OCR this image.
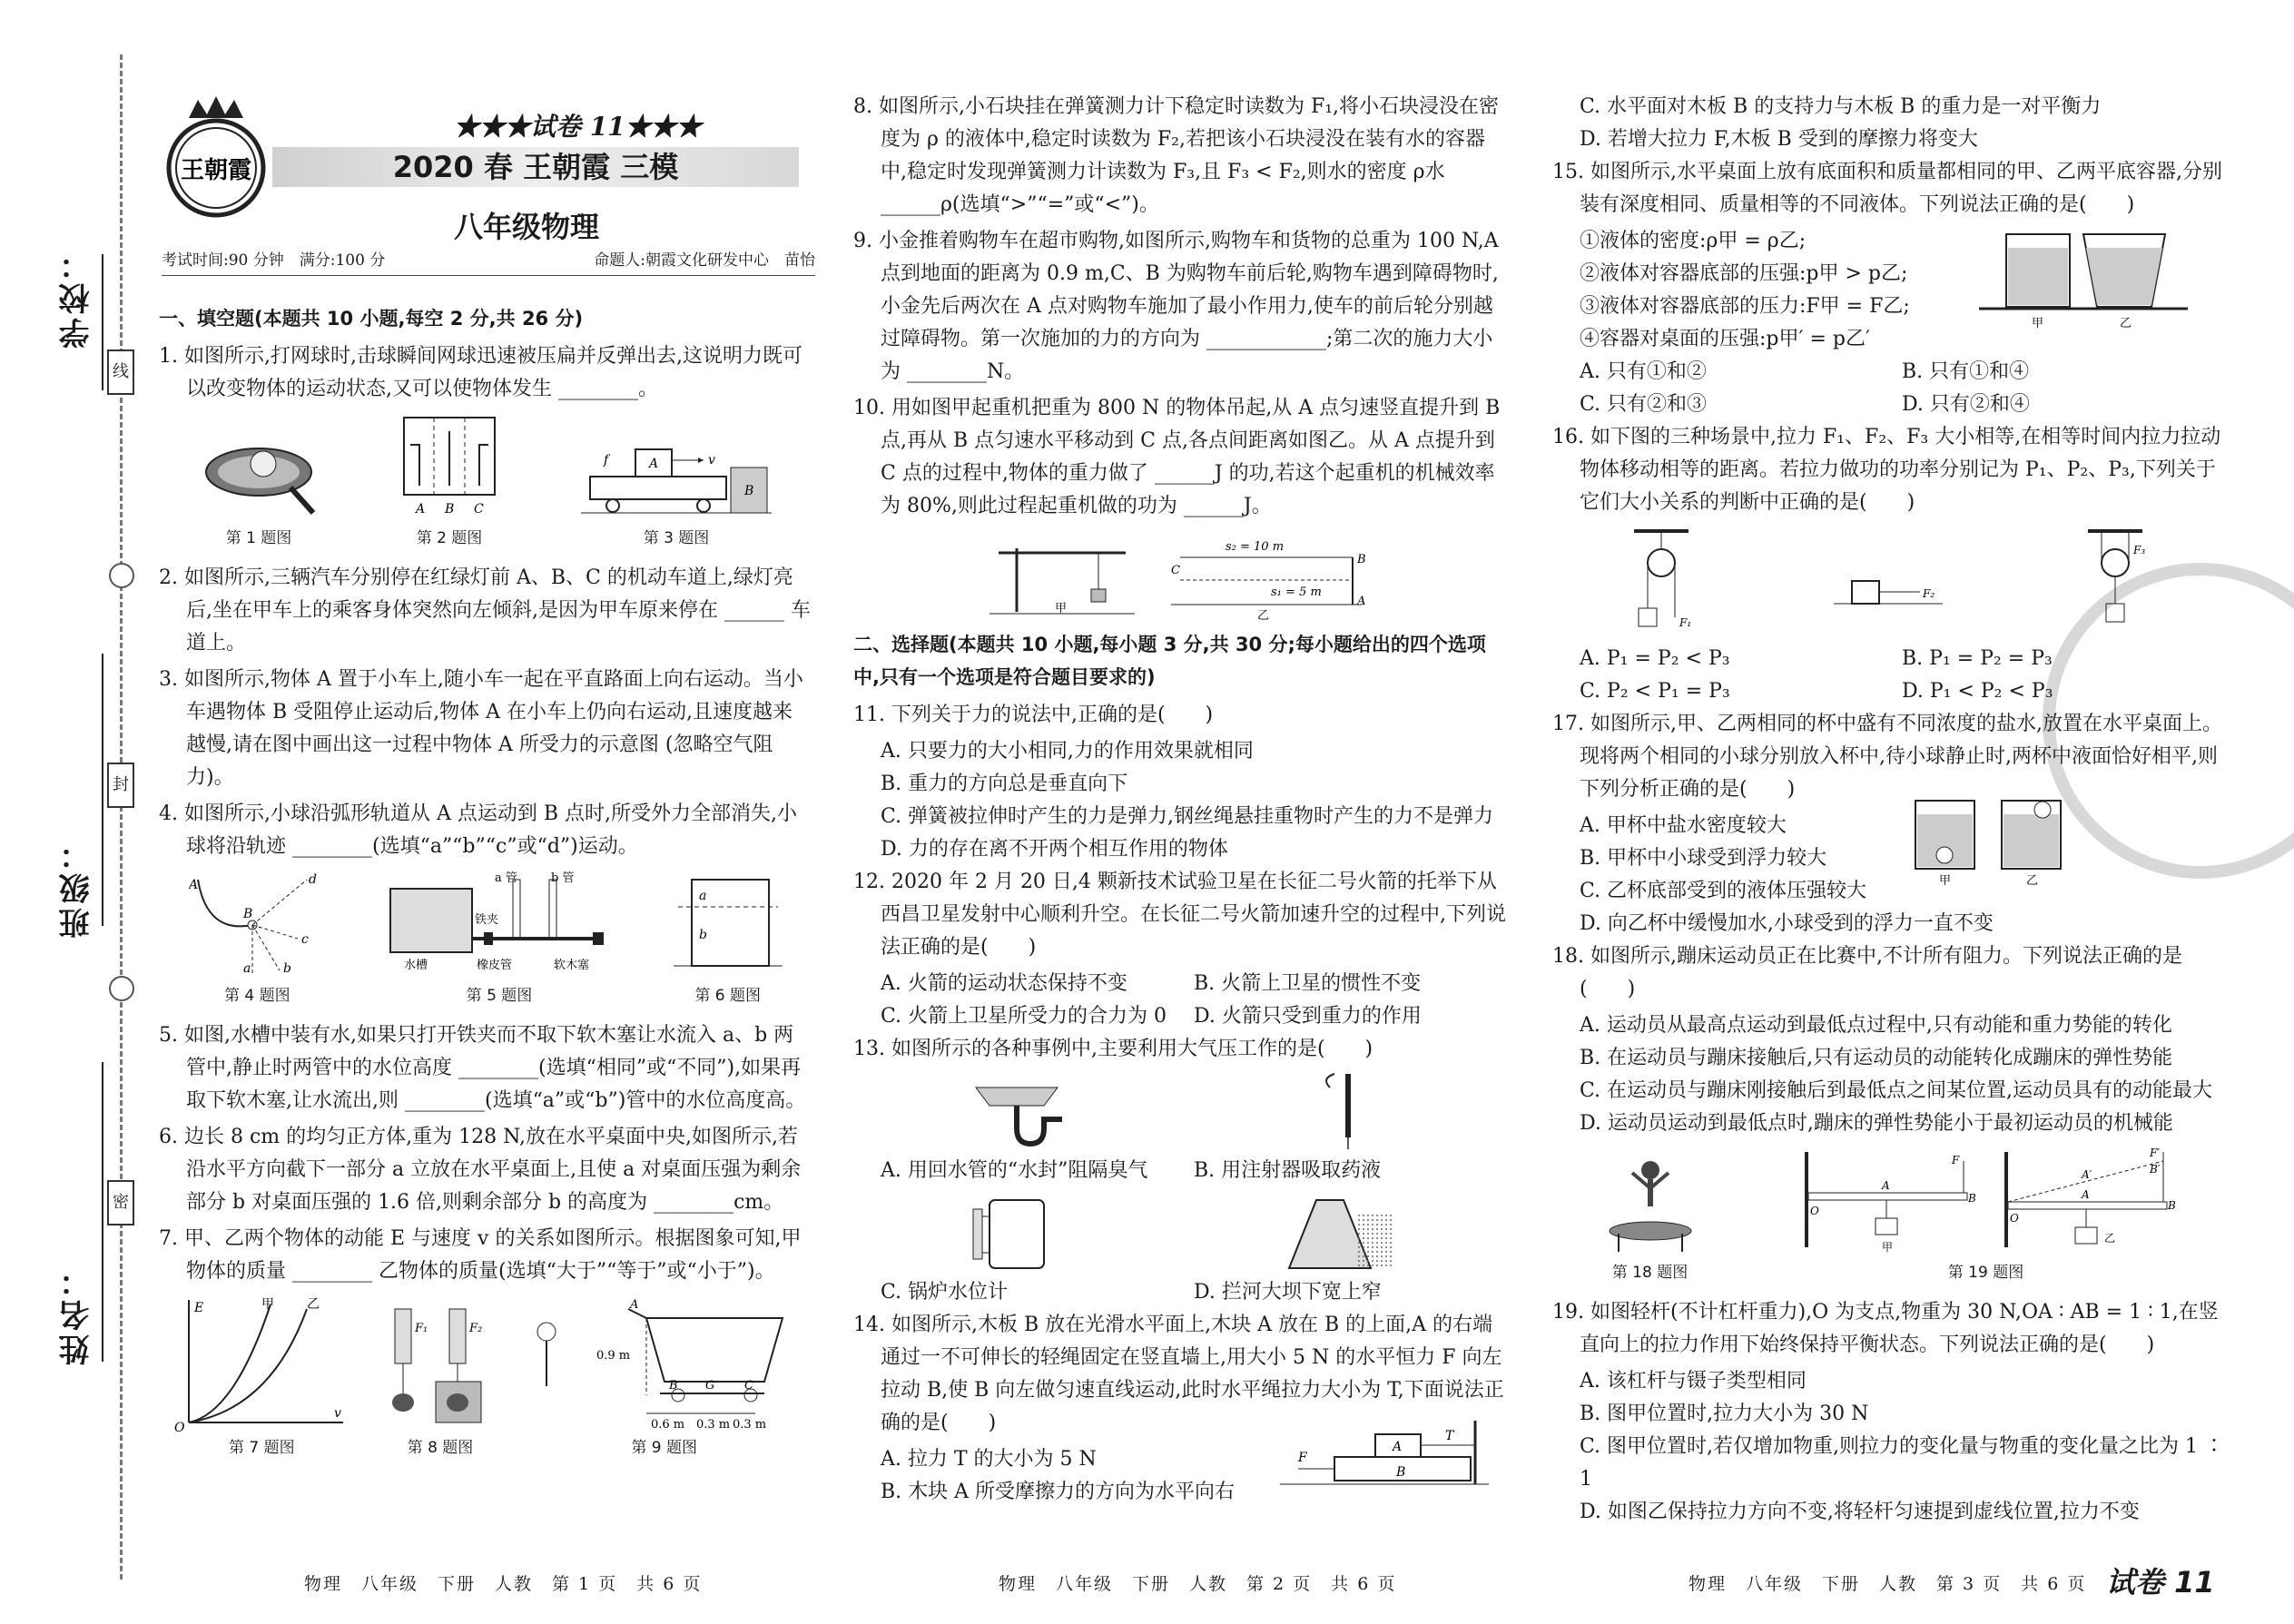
学校：
班级：
姓名：
线
封
密
王朝霞
★★★试卷 11★★★
2020 春 王朝霞 三模
八年级物理
考试时间:90 分钟　满分:100 分	命题人:朝霞文化研发中心　苗怡
一、填空题(本题共 10 小题,每空 2 分,共 26 分)

1. 如图所示,打网球时,击球瞬间网球迅速被压扁并反弹出去,这说明力既可以改变物体的运动状态,又可以使物体发生 ________。

第 1 题图
A B C
第 2 题图
f	A	v
B
第 3 题图

2. 如图所示,三辆汽车分别停在红绿灯前 A、B、C 的机动车道上,绿灯亮后,坐在甲车上的乘客身体突然向左倾斜,是因为甲车原来停在 ______ 车道上。

3. 如图所示,物体 A 置于小车上,随小车一起在平直路面上向右运动。当小车遇物体 B 受阻停止运动后,物体 A 在小车上仍向右运动,且速度越来越慢,请在图中画出这一过程中物体 A 所受力的示意图 (忽略空气阻力)。

4. 如图所示,小球沿弧形轨道从 A 点运动到 B 点时,所受外力全部消失,小球将沿轨迹 ________(选填“a”“b”“c”或“d”)运动。

A
B
a	b
c
d
第 4 题图
a 管	b 管
铁夹
水槽	橡皮管	软木塞
第 5 题图
a
b
第 6 题图

5. 如图,水槽中装有水,如果只打开铁夹而不取下软木塞让水流入 a、b 两管中,静止时两管中的水位高度 ________(选填“相同”或“不同”),如果再取下软木塞,让水流出,则 ________(选填“a”或“b”)管中的水位高度高。

6. 边长 8 cm 的均匀正方体,重为 128 N,放在水平桌面中央,如图所示,若沿水平方向截下一部分 a 立放在水平桌面上,且使 a 对桌面压强为剩余部分 b 对桌面压强的 1.6 倍,则剩余部分 b 的高度为 ________cm。

7. 甲、乙两个物体的动能 E 与速度 v 的关系如图所示。根据图象可知,甲物体的质量 ________ 乙物体的质量(选填“大于”“等于”或“小于”)。

E	甲	乙
O
v
第 7 题图
F₁	F₂
第 8 题图
A
0.9 m
B	C
G
0.6 m 0.3 m 0.3 m
第 9 题图
物理　八年级　下册　人教　第 1 页　共 6 页

8. 如图所示,小石块挂在弹簧测力计下稳定时读数为 F₁,将小石块浸没在密度为 ρ 的液体中,稳定时读数为 F₂,若把该小石块浸没在装有水的容器中,稳定时发现弹簧测力计读数为 F₃,且 F₃ < F₂,则水的密度 ρ水 ______ρ(选填“>”“=”或“<”)。

9. 小金推着购物车在超市购物,如图所示,购物车和货物的总重为 100 N,A 点到地面的距离为 0.9 m,C、B 为购物车前后轮,购物车遇到障碍物时,小金先后两次在 A 点对购物车施加了最小作用力,使车的前后轮分别越过障碍物。第一次施加的力的方向为 ____________;第二次的施力大小为 ________N。

10. 用如图甲起重机把重为 800 N 的物体吊起,从 A 点匀速竖直提升到 B 点,再从 B 点匀速水平移动到 C 点,各点间距离如图乙。从 A 点提升到 C 点的过程中,物体的重力做了 ______J 的功,若这个起重机的机械效率为 80%,则此过程起重机做的功为 ______J。

甲
s₂ = 10 m
s₁ = 5 m
B
C
A
乙
二、选择题(本题共 10 小题,每小题 3 分,共 30 分;每小题给出的四个选项中,只有一个选项是符合题目要求的)

11. 下列关于力的说法中,正确的是(　　)

A. 只要力的大小相同,力的作用效果就相同

B. 重力的方向总是垂直向下

C. 弹簧被拉伸时产生的力是弹力,钢丝绳悬挂重物时产生的力不是弹力

D. 力的存在离不开两个相互作用的物体

12. 2020 年 2 月 20 日,4 颗新技术试验卫星在长征二号火箭的托举下从西昌卫星发射中心顺利升空。在长征二号火箭加速升空的过程中,下列说法正确的是(　　)

A. 火箭的运动状态保持不变	B. 火箭上卫星的惯性不变
C. 火箭上卫星所受力的合力为 0	D. 火箭只受到重力的作用

13. 如图所示的各种事例中,主要利用大气压工作的是(　　)

A. 用回水管的“水封”阻隔臭气	B. 用注射器吸取药液
C. 锅炉水位计	D. 拦河大坝下宽上窄

14. 如图所示,木板 B 放在光滑水平面上,木块 A 放在 B 的上面,A 的右端通过一不可伸长的轻绳固定在竖直墙上,用大小 5 N 的水平恒力 F 向左拉动 B,使 B 向左做匀速直线运动,此时水平绳拉力大小为 T,下面说法正确的是(　　)

A. 拉力 T 的大小为 5 N

B. 木块 A 所受摩擦力的方向为水平向右

F
A
T
B
物理　八年级　下册　人教　第 2 页　共 6 页

C. 水平面对木板 B 的支持力与木板 B 的重力是一对平衡力

D. 若增大拉力 F,木板 B 受到的摩擦力将变大

15. 如图所示,水平桌面上放有底面积和质量都相同的甲、乙两平底容器,分别装有深度相同、质量相等的不同液体。下列说法正确的是(　　)

①液体的密度:ρ甲 = ρ乙;

②液体对容器底部的压强:p甲 > p乙;

③液体对容器底部的压力:F甲 = F乙;

④容器对桌面的压强:p甲′ = p乙′

甲	乙
A. 只有①和②	B. 只有①和④
C. 只有②和③	D. 只有②和④

16. 如下图的三种场景中,拉力 F₁、F₂、F₃ 大小相等,在相等时间内拉力拉动物体移动相等的距离。若拉力做功的功率分别记为 P₁、P₂、P₃,下列关于它们大小关系的判断中正确的是(　　)

F₁
F₂
F₃
A. P₁ = P₂ < P₃	B. P₁ = P₂ = P₃
C. P₂ < P₁ = P₃	D. P₁ < P₂ < P₃

17. 如图所示,甲、乙两相同的杯中盛有不同浓度的盐水,放置在水平桌面上。现将两个相同的小球分别放入杯中,待小球静止时,两杯中液面恰好相平,则下列分析正确的是(　　)

A. 甲杯中盐水密度较大

B. 甲杯中小球受到浮力较大

C. 乙杯底部受到的液体压强较大

D. 向乙杯中缓慢加水,小球受到的浮力一直不变

甲	乙

18. 如图所示,蹦床运动员正在比赛中,不计所有阻力。下列说法正确的是(　　)

A. 运动员从最高点运动到最低点过程中,只有动能和重力势能的转化

B. 在运动员与蹦床接触后,只有运动员的动能转化成蹦床的弹性势能

C. 在运动员与蹦床刚接触后到最低点之间某位置,运动员具有的动能最大

D. 运动员运动到最低点时,蹦床的弹性势能小于最初运动员的机械能

第 18 题图
O
A
B
F
甲
O
A
B
A′	B′
F′
乙
第 19 题图

19. 如图轻杆(不计杠杆重力),O 为支点,物重为 30 N,OA ∶ AB = 1 ∶ 1,在竖直向上的拉力作用下始终保持平衡状态。下列说法正确的是(　　)

A. 该杠杆与镊子类型相同

B. 图甲位置时,拉力大小为 30 N

C. 图甲位置时,若仅增加物重,则拉力的变化量与物重的变化量之比为 1 ∶ 1

D. 如图乙保持拉力方向不变,将轻杆匀速提到虚线位置,拉力不变

物理　八年级　下册　人教　第 3 页　共 6 页 试卷 11
